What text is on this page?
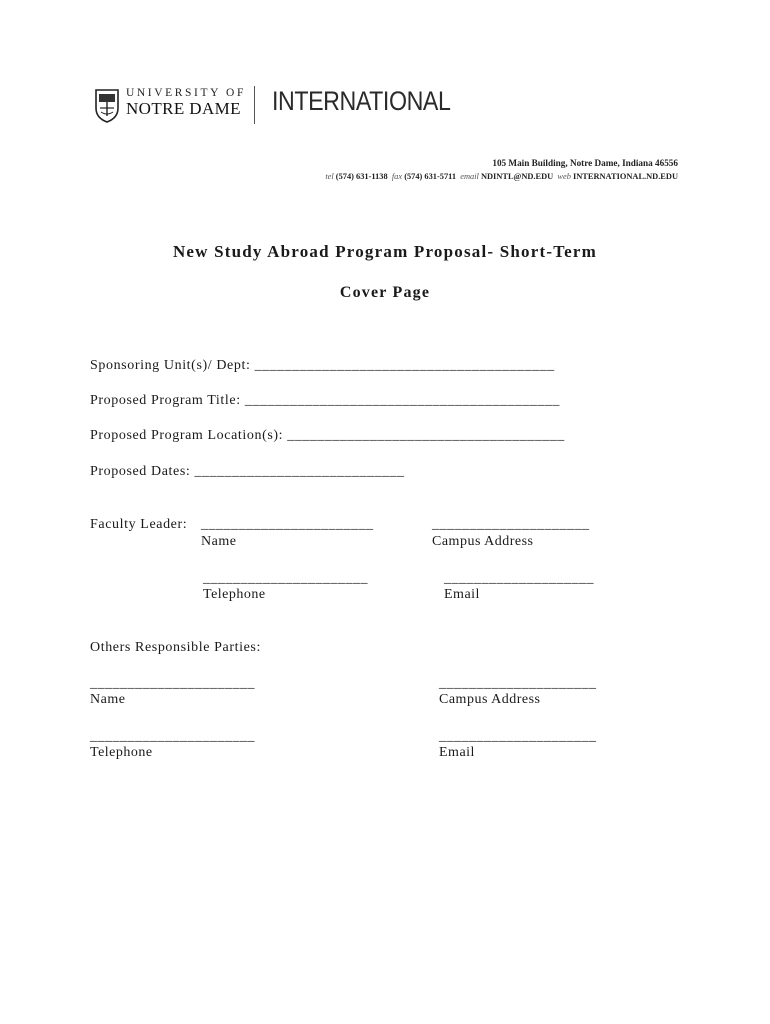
UNIVERSITY OF
NOTRE DAME INTERNATIONAL
105 Main Building, Notre Dame, Indiana 46556
tel (574) 631-1138 fax (574) 631-5711 email NDINTL@ND.EDU web INTERNATIONAL.ND.EDU
New Study Abroad Program Proposal- Short-Term
Cover Page
Sponsoring Unit(s)/ Dept: ________________________________________
Proposed Program Title: __________________________________________
Proposed Program Location(s): _____________________________________
Proposed Dates: ____________________________
Faculty Leader: _______________________	_____________________
Name	Campus Address
______________________	____________________
Telephone	Email
Others Responsible Parties:
______________________	_____________________
Name	Campus Address
______________________	_____________________
Telephone	Email
